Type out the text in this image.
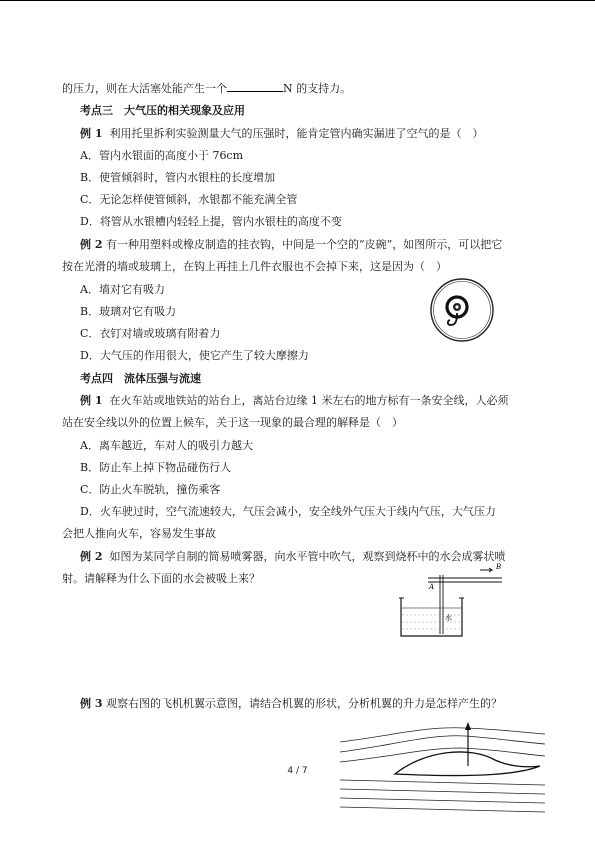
的压力，则在大活塞处能产生一个	N 的支持力。
考点三　大气压的相关现象及应用
例 1 利用托里拆利实验测量大气的压强时，能肯定管内确实漏进了空气的是（　）
A．管内水银面的高度小于 76cm
B．使管倾斜时，管内水银柱的长度增加
C．无论怎样使管倾斜，水银都不能充满全管
D．将管从水银槽内轻轻上提，管内水银柱的高度不变
例 2 有一种用塑料或橡皮制造的挂衣钩，中间是一个空的“皮碗”，如图所示，可以把它
按在光滑的墙或玻璃上，在钩上再挂上几件衣服也不会掉下来，这是因为（　）
A．墙对它有吸力
B．玻璃对它有吸力
C．衣钉对墙或玻璃有附着力
D．大气压的作用很大，使它产生了较大摩擦力
考点四　流体压强与流速
例 1 在火车站或地铁站的站台上，离站台边缘 1 米左右的地方标有一条安全线，人必须
站在安全线以外的位置上候车，关于这一现象的最合理的解释是（　）
A．离车越近，车对人的吸引力越大
B．防止车上掉下物品碰伤行人
C．防止火车脱轨，撞伤乘客
D．火车驶过时，空气流速较大，气压会减小，安全线外气压大于线内气压，大气压力
会把人推向火车，容易发生事故
例 2 如图为某同学自制的简易喷雾器，向水平管中吹气，观察到烧杯中的水会成雾状喷
射。请解释为什么下面的水会被吸上来？
A
B
水
例 3 观察右图的飞机机翼示意图，请结合机翼的形状，分析机翼的升力是怎样产生的？
4 / 7
